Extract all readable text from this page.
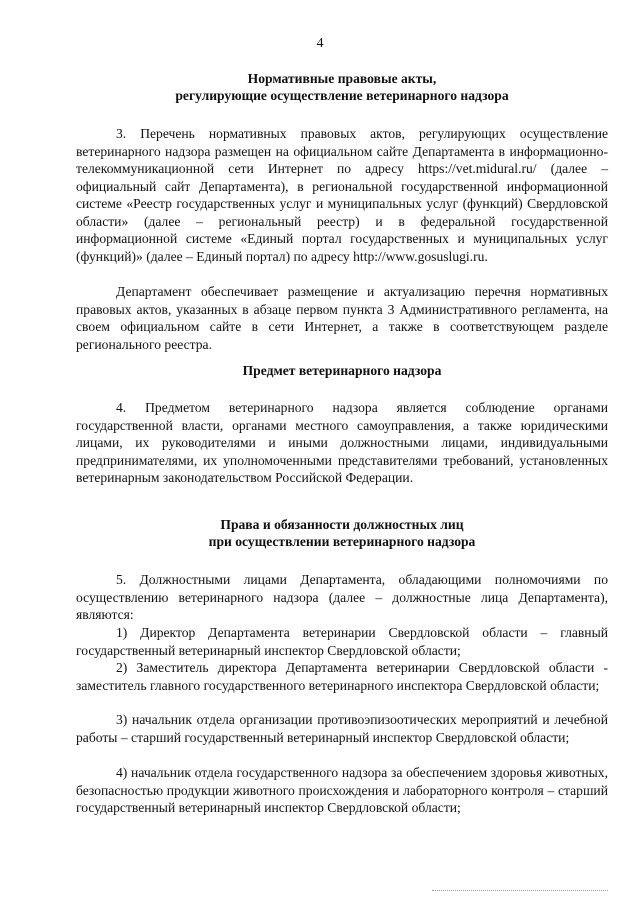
4
Нормативные правовые акты,
регулирующие осуществление ветеринарного надзора

3. Перечень нормативных правовых актов, регулирующих осуществление ветеринарного надзора размещен на официальном сайте Департамента в информационно-телекоммуникационной сети Интернет по адресу https://vet.midural.ru/ (далее – официальный сайт Департамента), в региональной государственной информационной системе «Реестр государственных услуг и муниципальных услуг (функций) Свердловской области» (далее – региональный реестр) и в федеральной государственной информационной системе «Единый портал государственных и муниципальных услуг (функций)» (далее – Единый портал) по адресу http://www.gosuslugi.ru.

Департамент обеспечивает размещение и актуализацию перечня нормативных правовых актов, указанных в абзаце первом пункта 3 Административного регламента, на своем официальном сайте в сети Интернет, а также в соответствующем разделе регионального реестра.

Предмет ветеринарного надзора

4. Предметом ветеринарного надзора является соблюдение органами государственной власти, органами местного самоуправления, а также юридическими лицами, их руководителями и иными должностными лицами, индивидуальными предпринимателями, их уполномоченными представителями требований, установленных ветеринарным законодательством Российской Федерации.

Права и обязанности должностных лиц
при осуществлении ветеринарного надзора

5. Должностными лицами Департамента, обладающими полномочиями по осуществлению ветеринарного надзора (далее – должностные лица Департамента), являются:

1) Директор Департамента ветеринарии Свердловской области – главный государственный ветеринарный инспектор Свердловской области;

2) Заместитель директора Департамента ветеринарии Свердловской области - заместитель главного государственного ветеринарного инспектора Свердловской области;

3) начальник отдела организации противоэпизоотических мероприятий и лечебной работы – старший государственный ветеринарный инспектор Свердловской области;

4) начальник отдела государственного надзора за обеспечением здоровья животных, безопасностью продукции животного происхождения и лабораторного контроля – старший государственный ветеринарный инспектор Свердловской области;
